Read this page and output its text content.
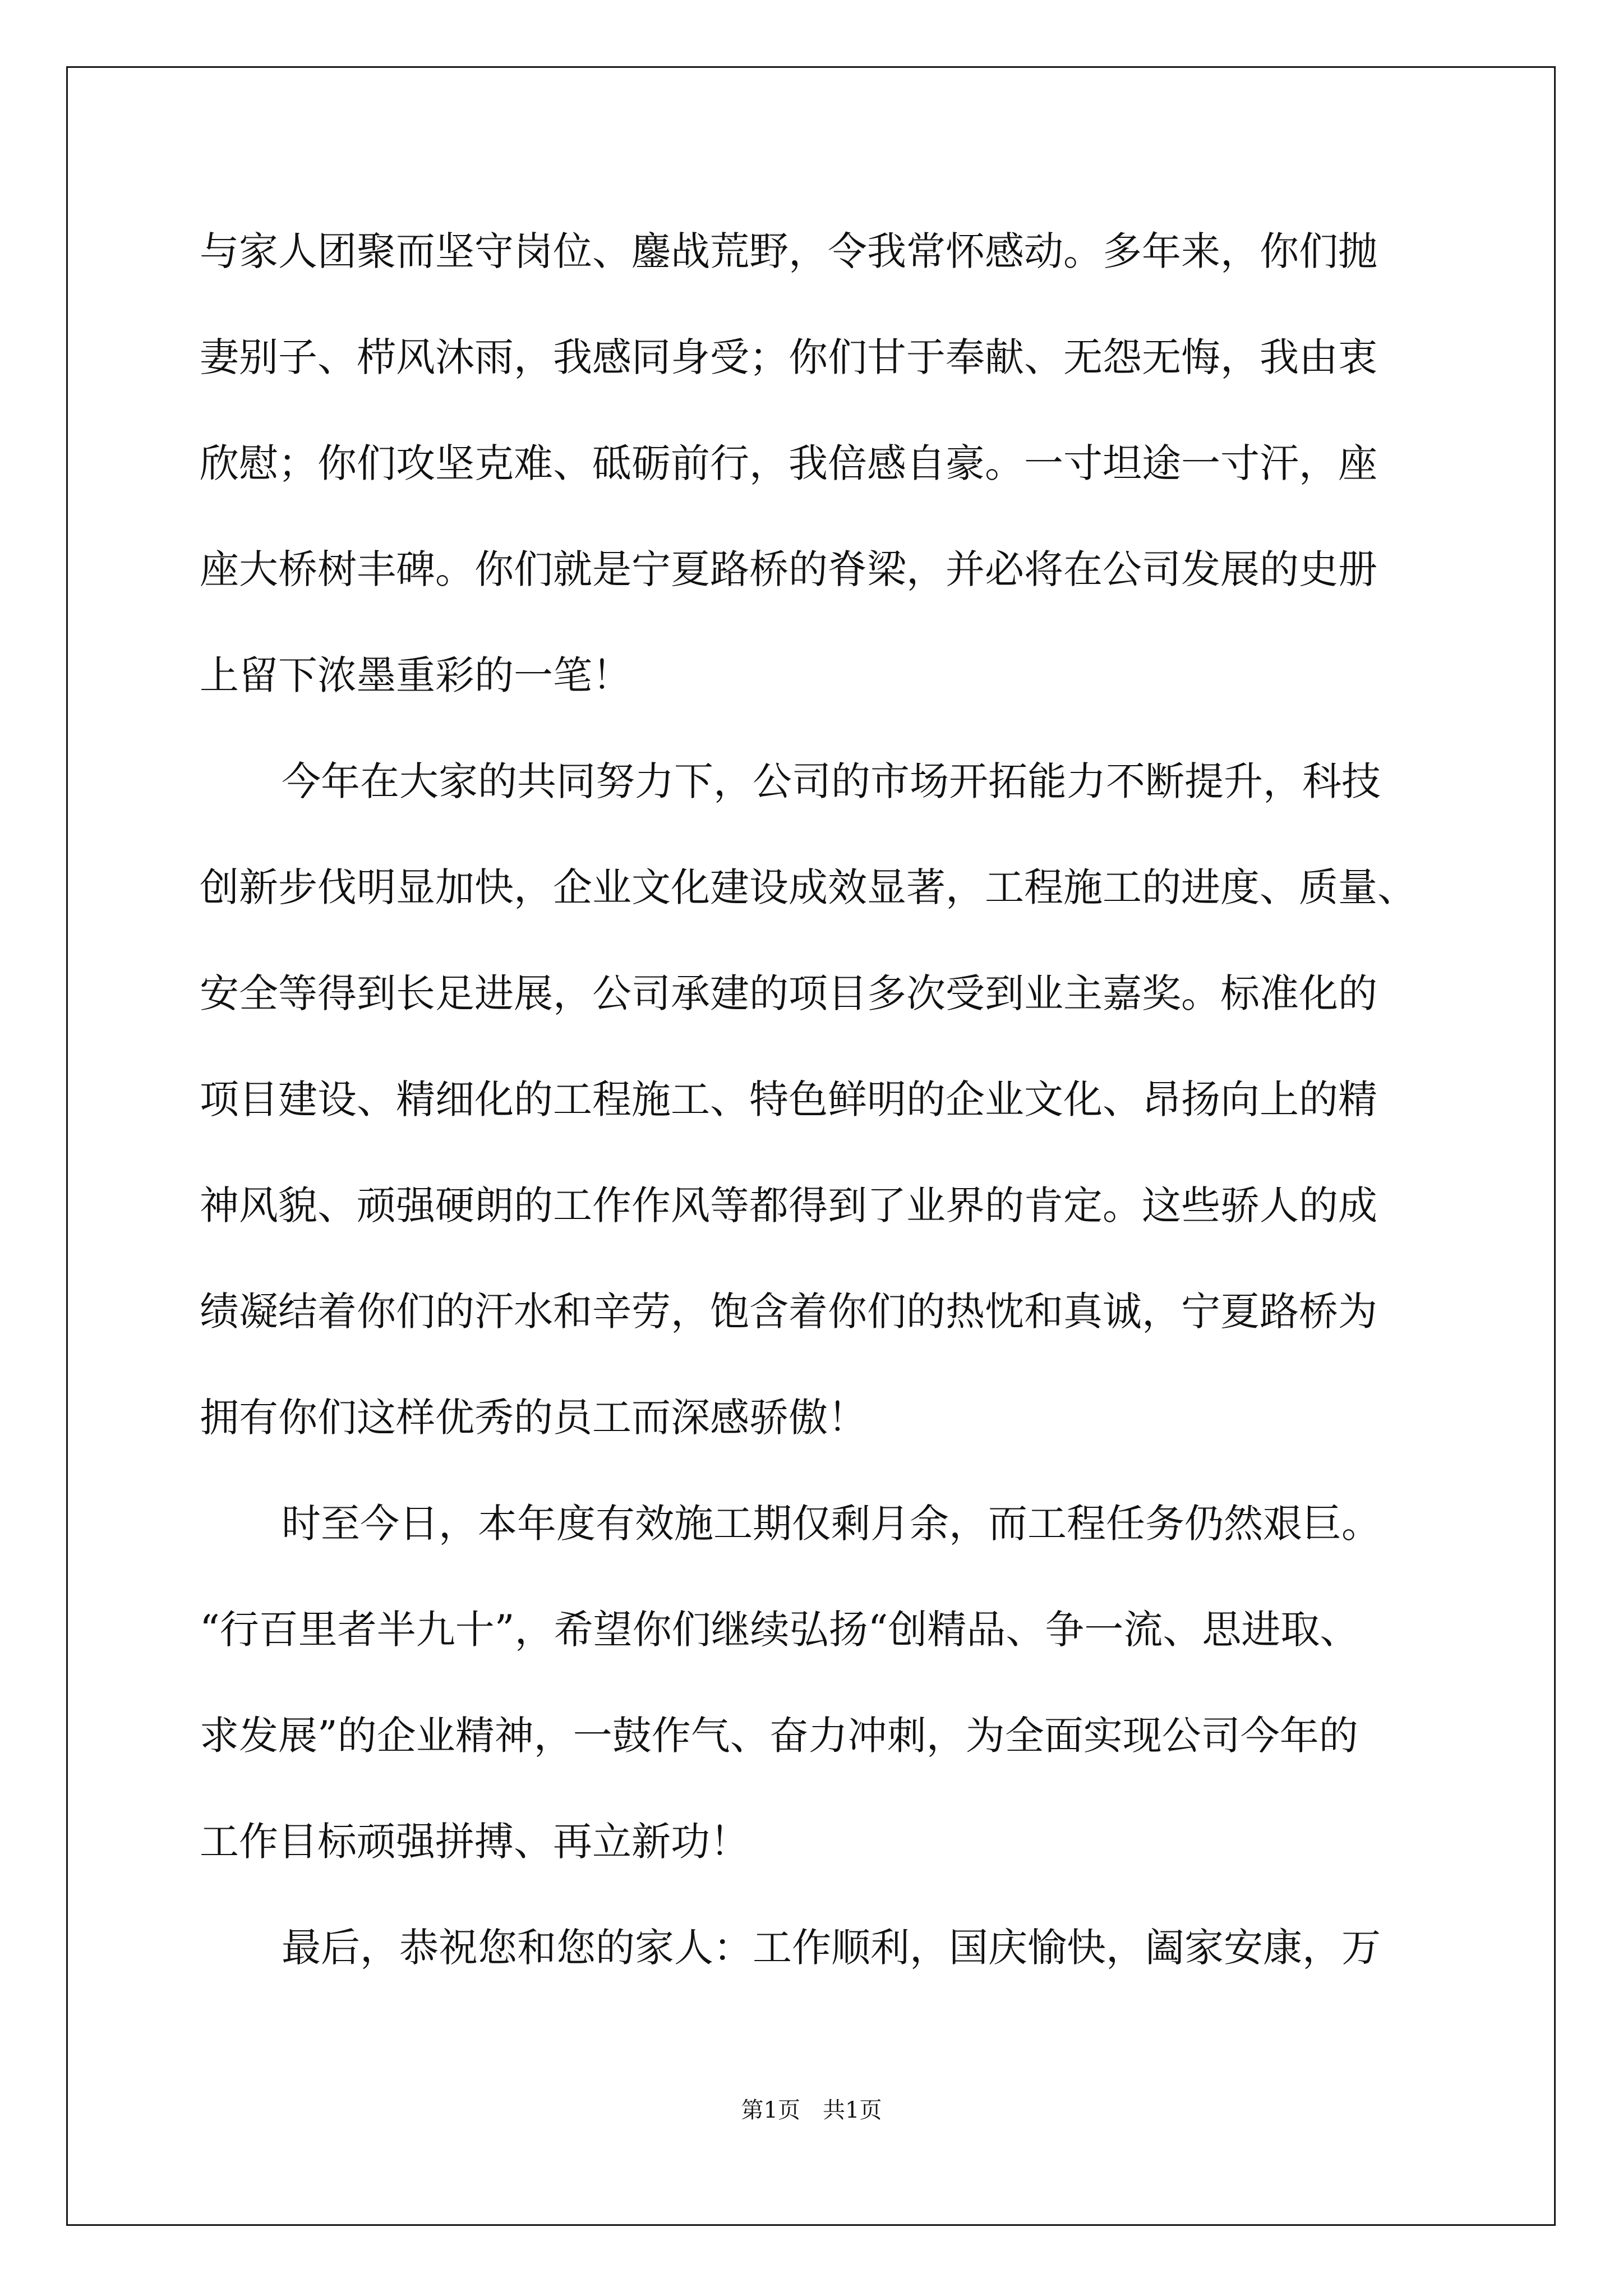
与家人团聚而坚守岗位、鏖战荒野，令我常怀感动。多年来，你们抛
妻别子、栉风沐雨，我感同身受；你们甘于奉献、无怨无悔，我由衷
欣慰；你们攻坚克难、砥砺前行，我倍感自豪。一寸坦途一寸汗，座
座大桥树丰碑。你们就是宁夏路桥的脊梁，并必将在公司发展的史册
上留下浓墨重彩的一笔！
今年在大家的共同努力下，公司的市场开拓能力不断提升，科技
创新步伐明显加快，企业文化建设成效显著，工程施工的进度、质量、
安全等得到长足进展，公司承建的项目多次受到业主嘉奖。标准化的
项目建设、精细化的工程施工、特色鲜明的企业文化、昂扬向上的精
神风貌、顽强硬朗的工作作风等都得到了业界的肯定。这些骄人的成
绩凝结着你们的汗水和辛劳，饱含着你们的热忱和真诚，宁夏路桥为
拥有你们这样优秀的员工而深感骄傲！
时至今日，本年度有效施工期仅剩月余，而工程任务仍然艰巨。
“行百里者半九十”，希望你们继续弘扬“创精品、争一流、思进取、
求发展”的企业精神，一鼓作气、奋力冲刺，为全面实现公司今年的
工作目标顽强拼搏、再立新功！
最后，恭祝您和您的家人：工作顺利，国庆愉快，阖家安康，万
第1页　共1页
